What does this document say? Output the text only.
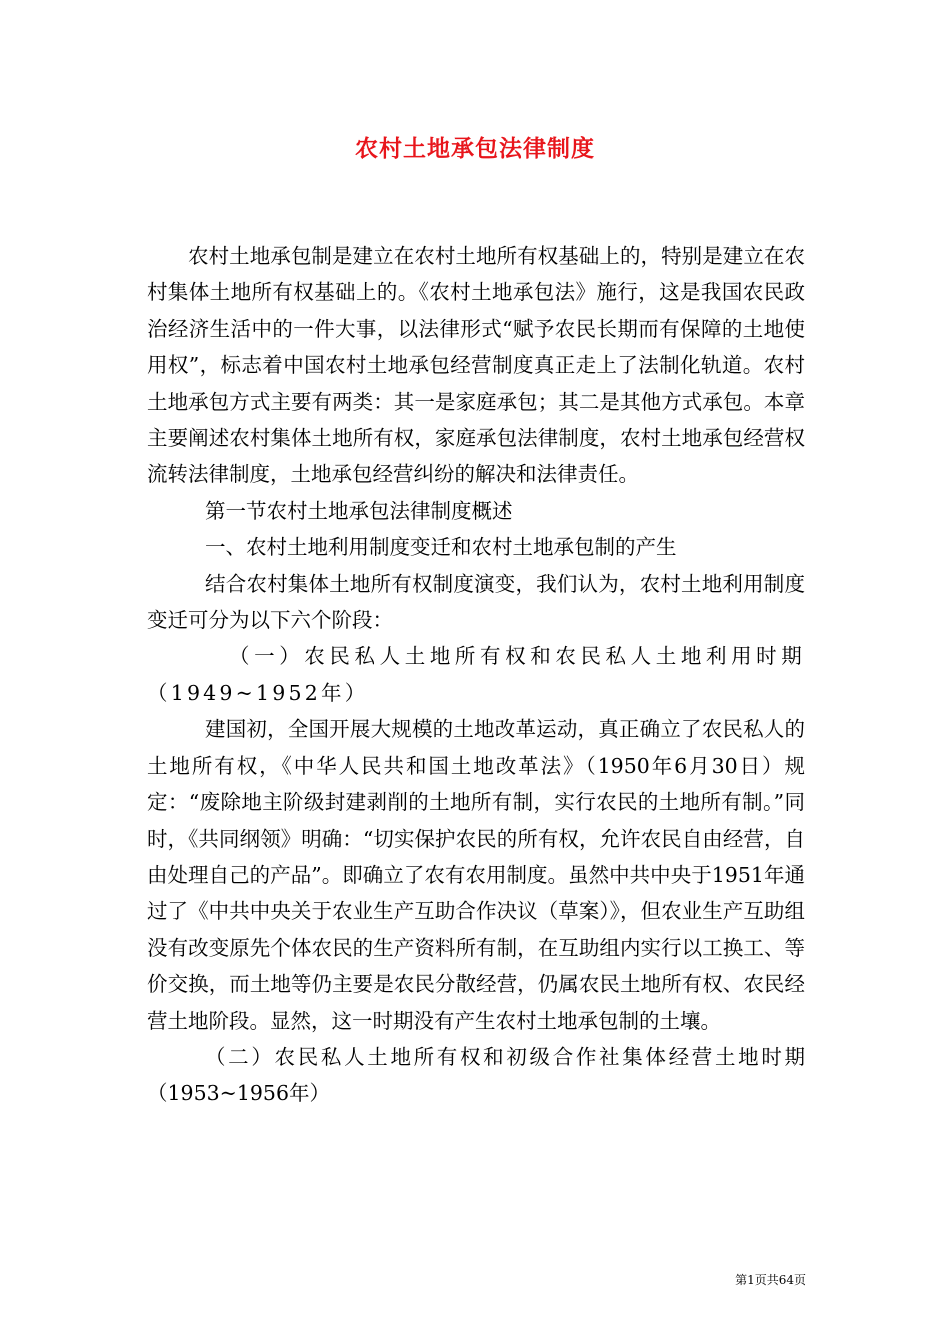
农村土地承包法律制度

农村土地承包制是建立在农村土地所有权基础上的，特别是建立在农村集体土地所有权基础上的。《农村土地承包法》施行，这是我国农民政治经济生活中的一件大事，以法律形式“赋予农民长期而有保障的土地使用权”，标志着中国农村土地承包经营制度真正走上了法制化轨道。农村土地承包方式主要有两类：其一是家庭承包；其二是其他方式承包。本章主要阐述农村集体土地所有权，家庭承包法律制度，农村土地承包经营权流转法律制度，土地承包经营纠纷的解决和法律责任。

第一节农村土地承包法律制度概述

一、农村土地利用制度变迁和农村土地承包制的产生

结合农村集体土地所有权制度演变，我们认为，农村土地利用制度变迁可分为以下六个阶段：

（一）农民私人土地所有权和农民私人土地利用时期（1949~1952年）

建国初，全国开展大规模的土地改革运动，真正确立了农民私人的土地所有权，《中华人民共和国土地改革法》（1950年6月30日）规定：“废除地主阶级封建剥削的土地所有制，实行农民的土地所有制。”同时，《共同纲领》明确：“切实保护农民的所有权，允许农民自由经营，自由处理自己的产品”。即确立了农有农用制度。虽然中共中央于1951年通过了《中共中央关于农业生产互助合作决议（草案）》，但农业生产互助组没有改变原先个体农民的生产资料所有制，在互助组内实行以工换工、等价交换，而土地等仍主要是农民分散经营，仍属农民土地所有权、农民经营土地阶段。显然，这一时期没有产生农村土地承包制的土壤。

（二）农民私人土地所有权和初级合作社集体经营土地时期（1953~1956年）

第1页共64页
